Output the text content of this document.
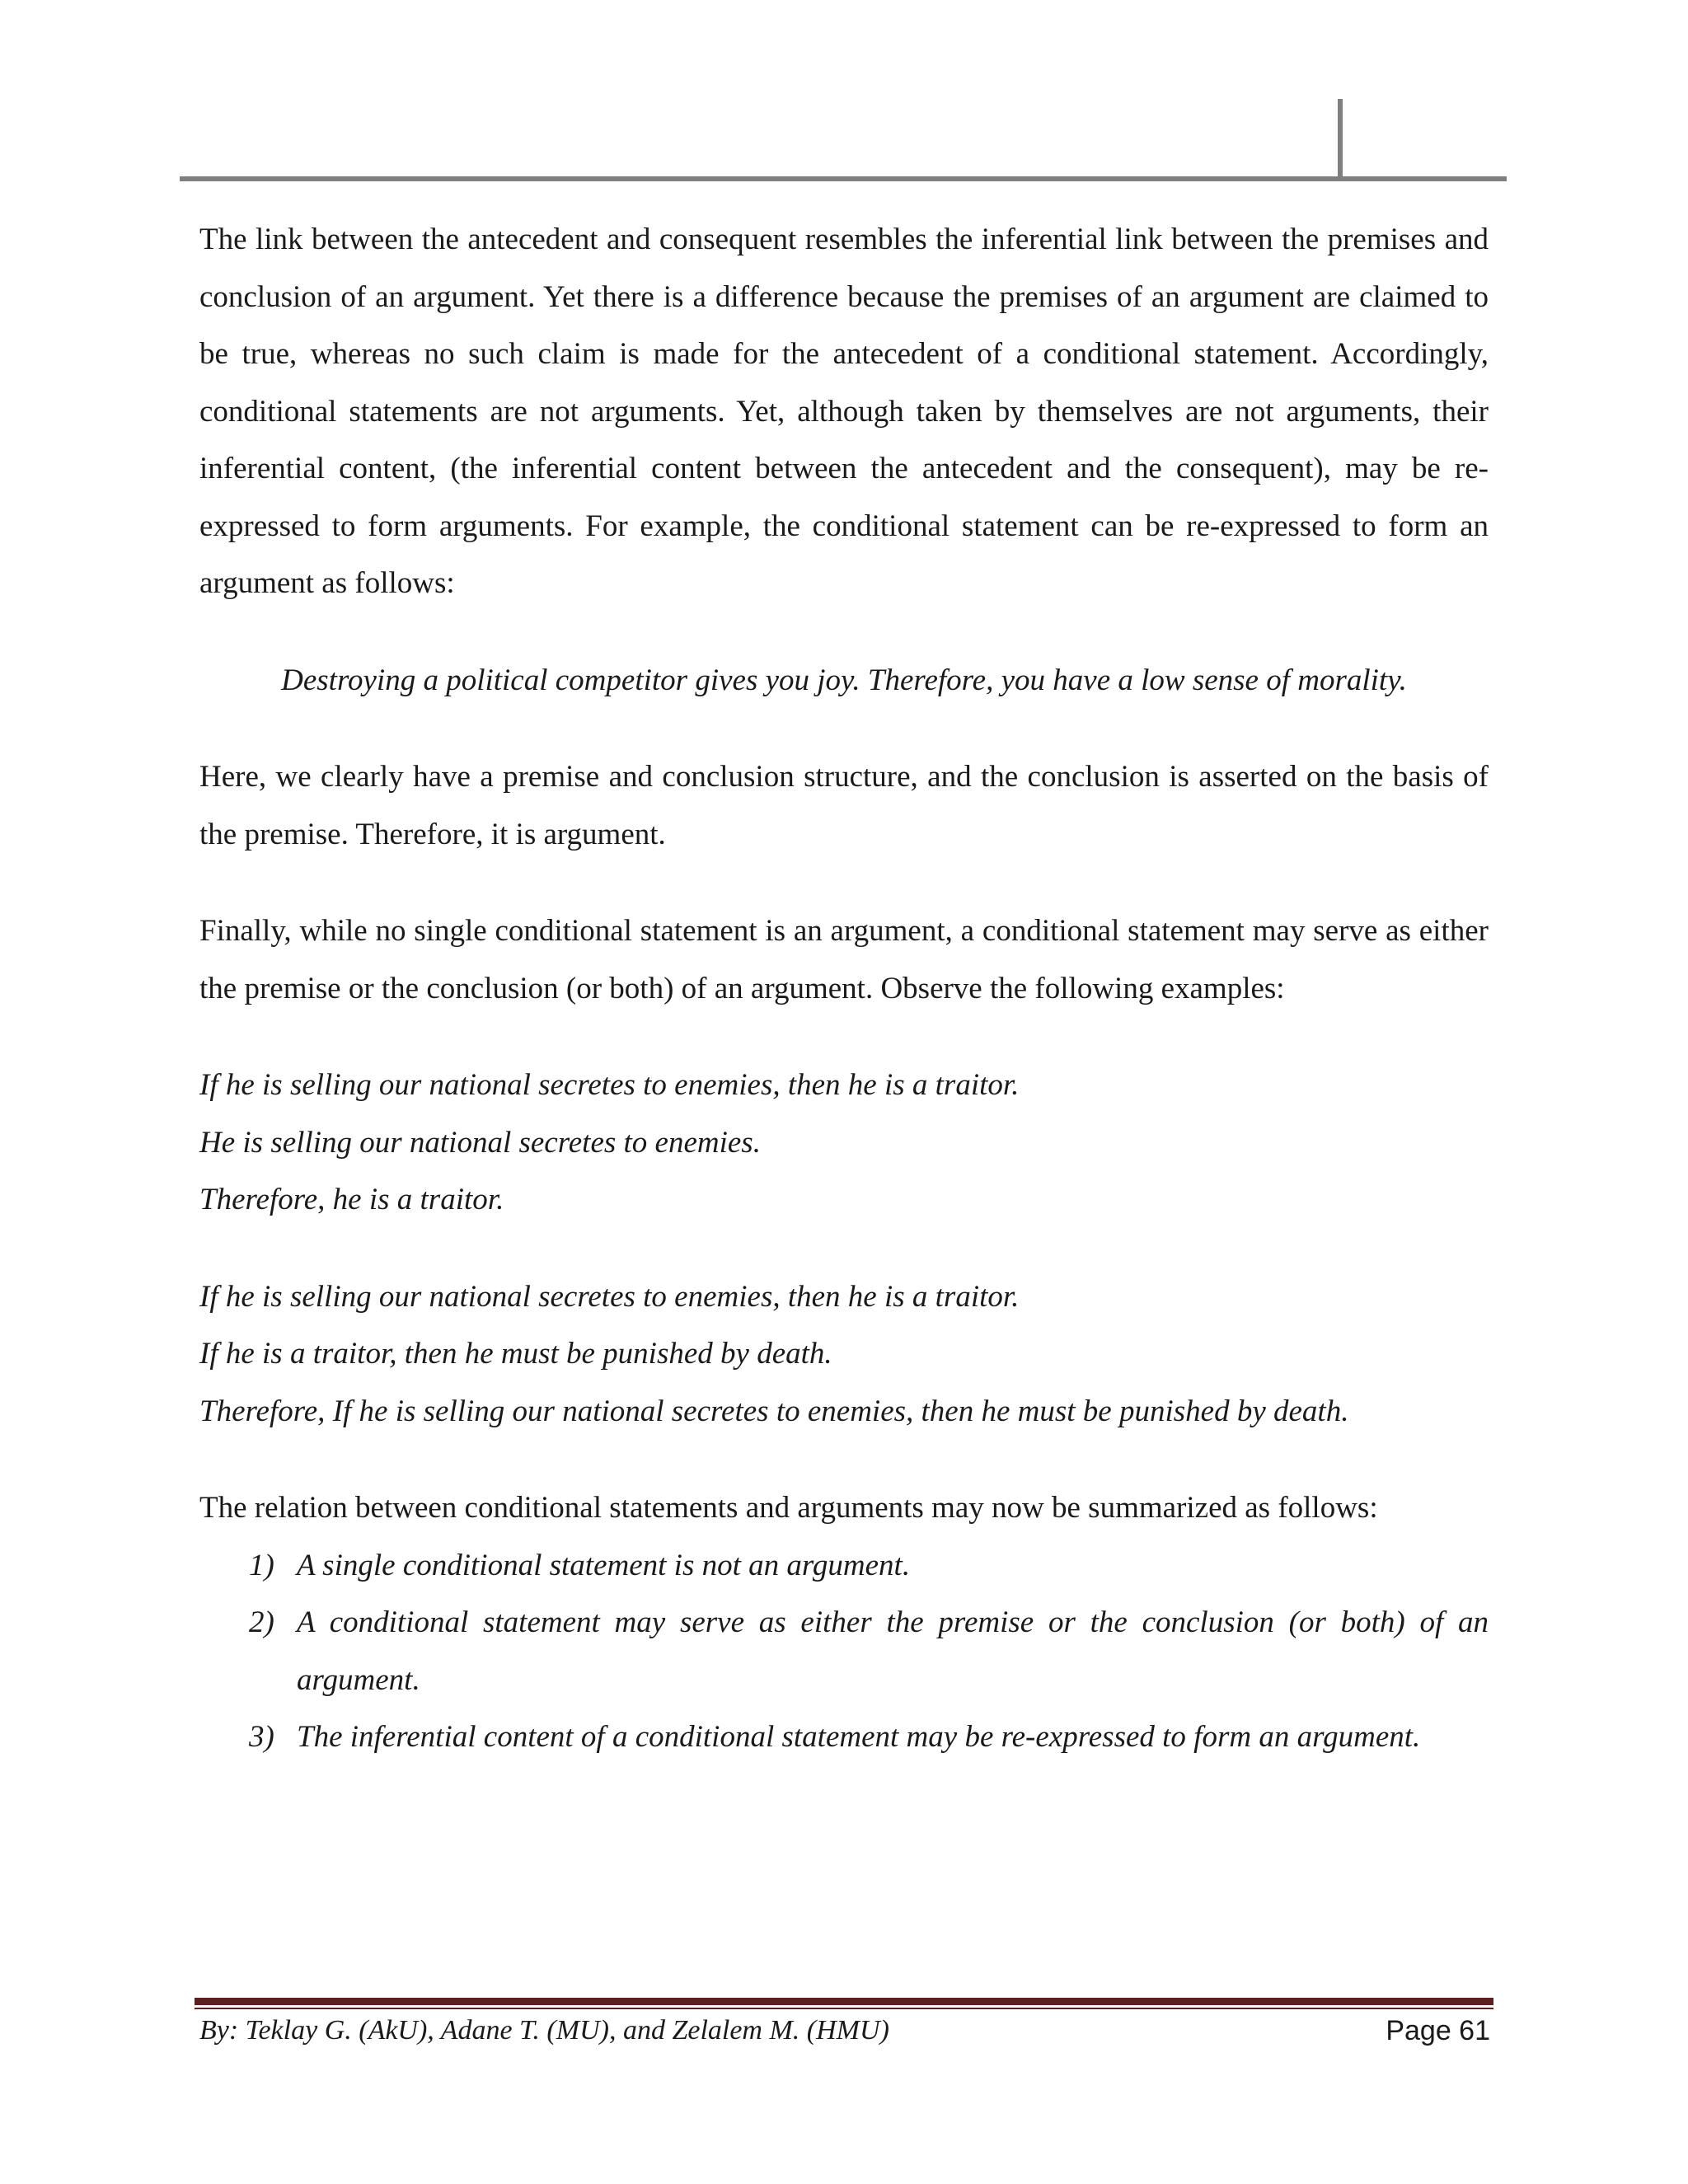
The link between the antecedent and consequent resembles the inferential link between the premises and conclusion of an argument. Yet there is a difference because the premises of an argument are claimed to be true, whereas no such claim is made for the antecedent of a conditional statement. Accordingly, conditional statements are not arguments. Yet, although taken by themselves are not arguments, their inferential content, (the inferential content between the antecedent and the consequent), may be re-expressed to form arguments. For example, the conditional statement can be re-expressed to form an argument as follows:

Destroying a political competitor gives you joy. Therefore, you have a low sense of morality.

Here, we clearly have a premise and conclusion structure, and the conclusion is asserted on the basis of the premise. Therefore, it is argument.

Finally, while no single conditional statement is an argument, a conditional statement may serve as either the premise or the conclusion (or both) of an argument. Observe the following examples:

If he is selling our national secretes to enemies, then he is a traitor.
He is selling our national secretes to enemies.
Therefore, he is a traitor.
If he is selling our national secretes to enemies, then he is a traitor.
If he is a traitor, then he must be punished by death.
Therefore, If he is selling our national secretes to enemies, then he must be punished by death.

The relation between conditional statements and arguments may now be summarized as follows:

1) A single conditional statement is not an argument.
2) A conditional statement may serve as either the premise or the conclusion (or both) of an argument.
3) The inferential content of a conditional statement may be re-expressed to form an argument.
By: Teklay G. (AkU), Adane T. (MU), and Zelalem M. (HMU)	Page 61
